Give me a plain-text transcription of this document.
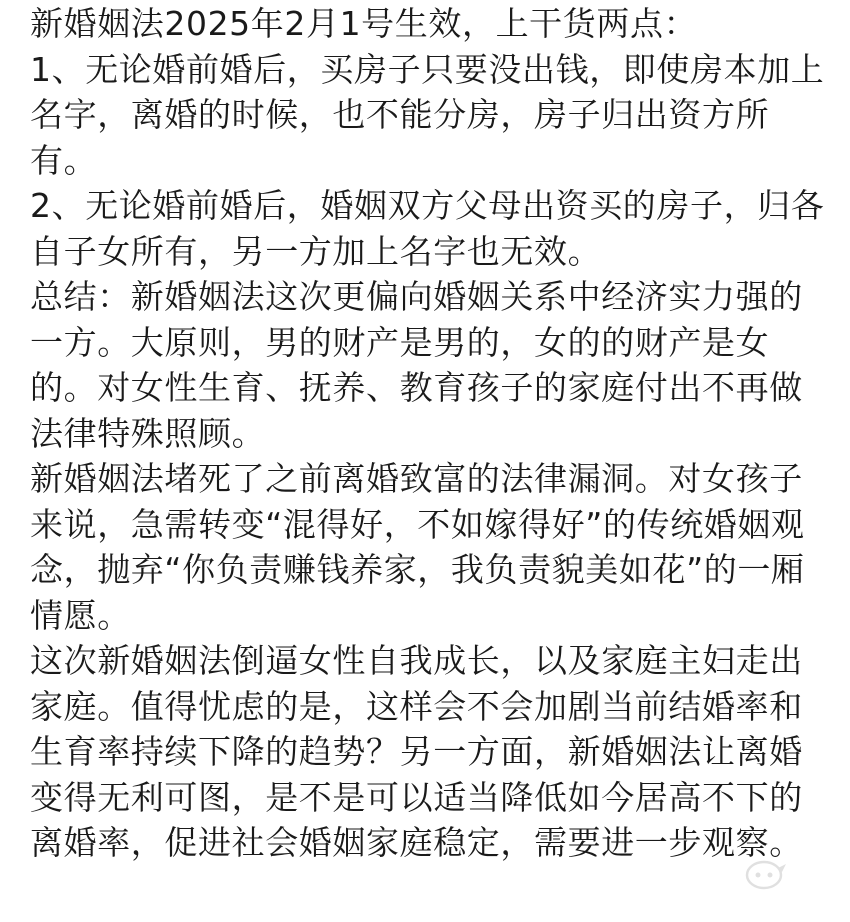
新婚姻法2025年2月1号生效，上干货两点：
1、无论婚前婚后，买房子只要没出钱，即使房本加上
名字，离婚的时候，也不能分房，房子归出资方所
有。
2、无论婚前婚后，婚姻双方父母出资买的房子，归各
自子女所有，另一方加上名字也无效。
总结：新婚姻法这次更偏向婚姻关系中经济实力强的
一方。大原则，男的财产是男的，女的的财产是女
的。对女性生育、抚养、教育孩子的家庭付出不再做
法律特殊照顾。
新婚姻法堵死了之前离婚致富的法律漏洞。对女孩子
来说，急需转变“混得好，不如嫁得好”的传统婚姻观
念，抛弃“你负责赚钱养家，我负责貌美如花”的一厢
情愿。
这次新婚姻法倒逼女性自我成长，以及家庭主妇走出
家庭。值得忧虑的是，这样会不会加剧当前结婚率和
生育率持续下降的趋势？另一方面，新婚姻法让离婚
变得无利可图，是不是可以适当降低如今居高不下的
离婚率，促进社会婚姻家庭稳定，需要进一步观察。
